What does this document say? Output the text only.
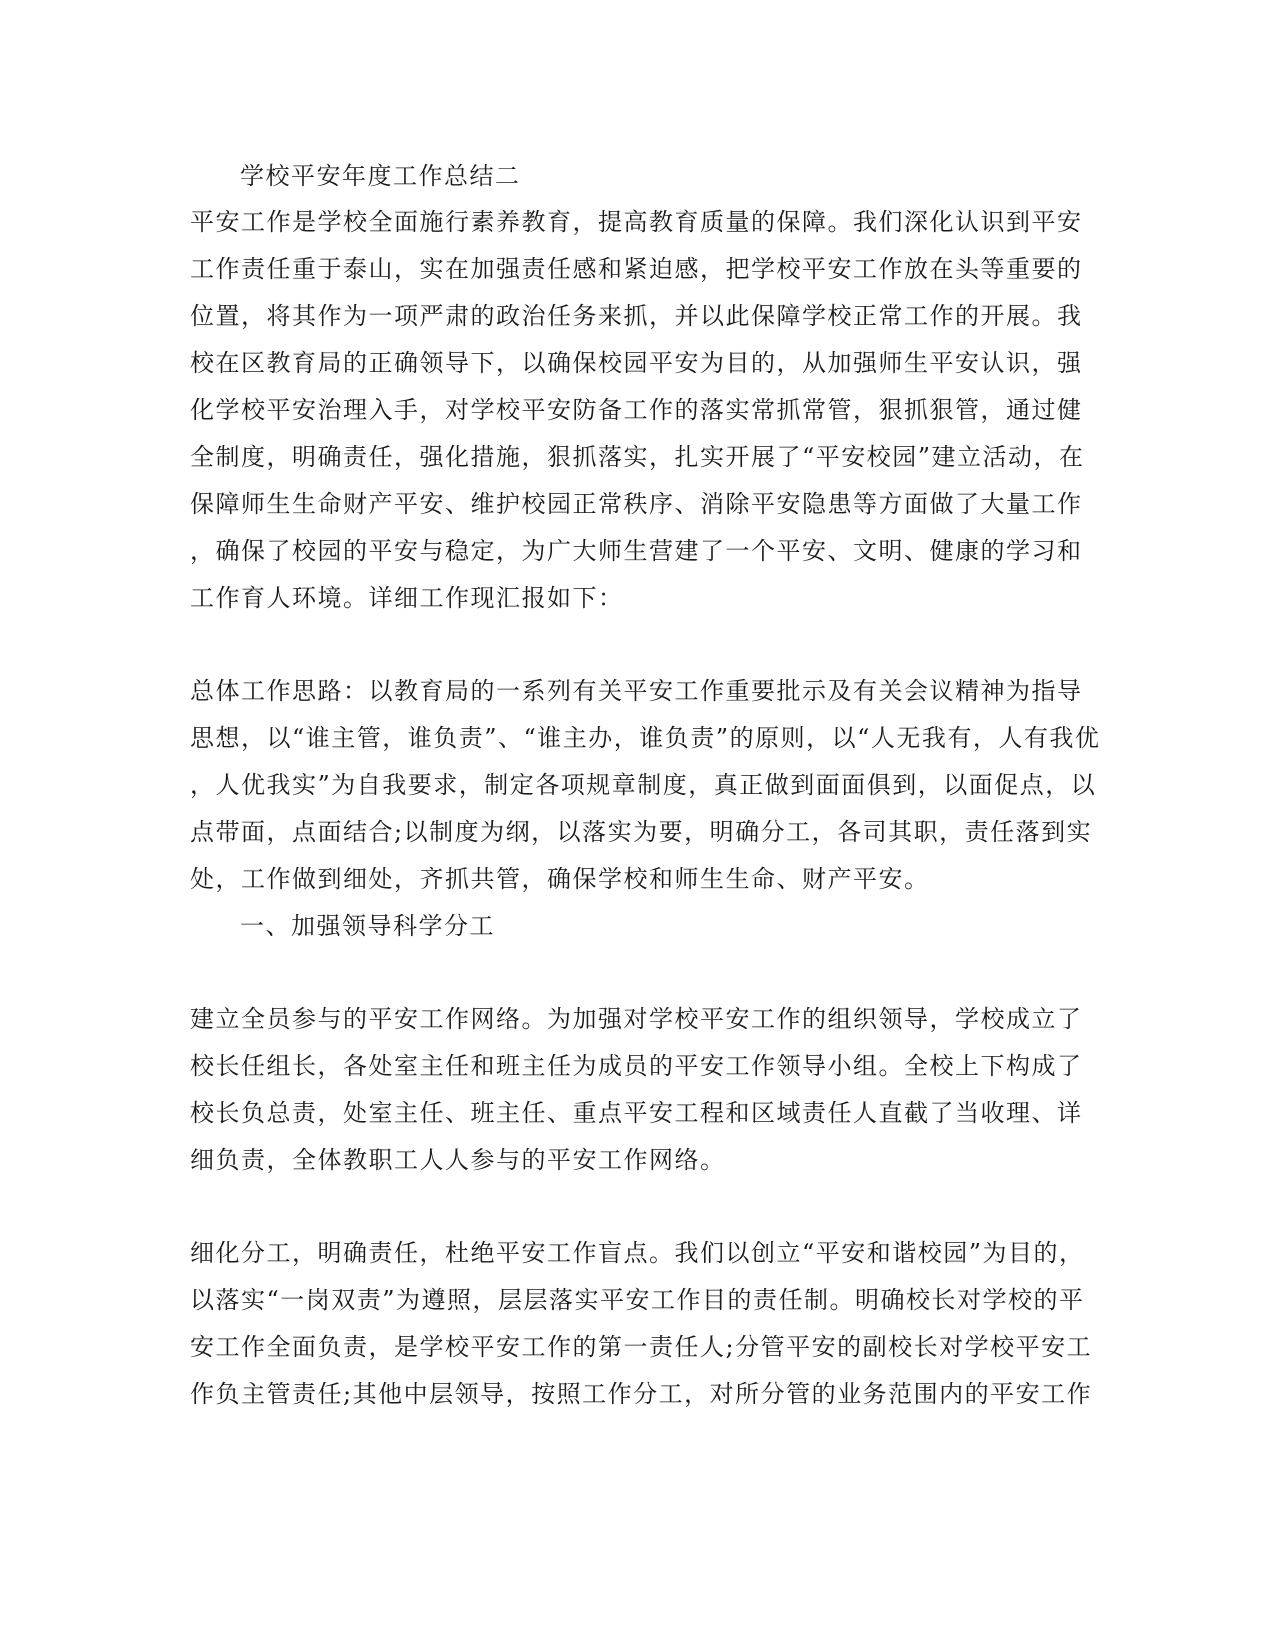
学校平安年度工作总结二
平安工作是学校全面施行素养教育，提高教育质量的保障。我们深化认识到平安
工作责任重于泰山，实在加强责任感和紧迫感，把学校平安工作放在头等重要的
位置，将其作为一项严肃的政治任务来抓，并以此保障学校正常工作的开展。我
校在区教育局的正确领导下，以确保校园平安为目的，从加强师生平安认识，强
化学校平安治理入手，对学校平安防备工作的落实常抓常管，狠抓狠管，通过健
全制度，明确责任，强化措施，狠抓落实，扎实开展了“平安校园”建立活动，在
保障师生生命财产平安、维护校园正常秩序、消除平安隐患等方面做了大量工作
，确保了校园的平安与稳定，为广大师生营建了一个平安、文明、健康的学习和
工作育人环境。详细工作现汇报如下：
总体工作思路：以教育局的一系列有关平安工作重要批示及有关会议精神为指导
思想，以“谁主管，谁负责”、“谁主办，谁负责”的原则，以“人无我有，人有我优
，人优我实”为自我要求，制定各项规章制度，真正做到面面俱到，以面促点，以
点带面，点面结合;以制度为纲，以落实为要，明确分工，各司其职，责任落到实
处，工作做到细处，齐抓共管，确保学校和师生生命、财产平安。
一、加强领导科学分工
建立全员参与的平安工作网络。为加强对学校平安工作的组织领导，学校成立了
校长任组长，各处室主任和班主任为成员的平安工作领导小组。全校上下构成了
校长负总责，处室主任、班主任、重点平安工程和区域责任人直截了当收理、详
细负责，全体教职工人人参与的平安工作网络。
细化分工，明确责任，杜绝平安工作盲点。我们以创立“平安和谐校园”为目的，
以落实“一岗双责”为遵照，层层落实平安工作目的责任制。明确校长对学校的平
安工作全面负责，是学校平安工作的第一责任人;分管平安的副校长对学校平安工
作负主管责任;其他中层领导，按照工作分工，对所分管的业务范围内的平安工作
